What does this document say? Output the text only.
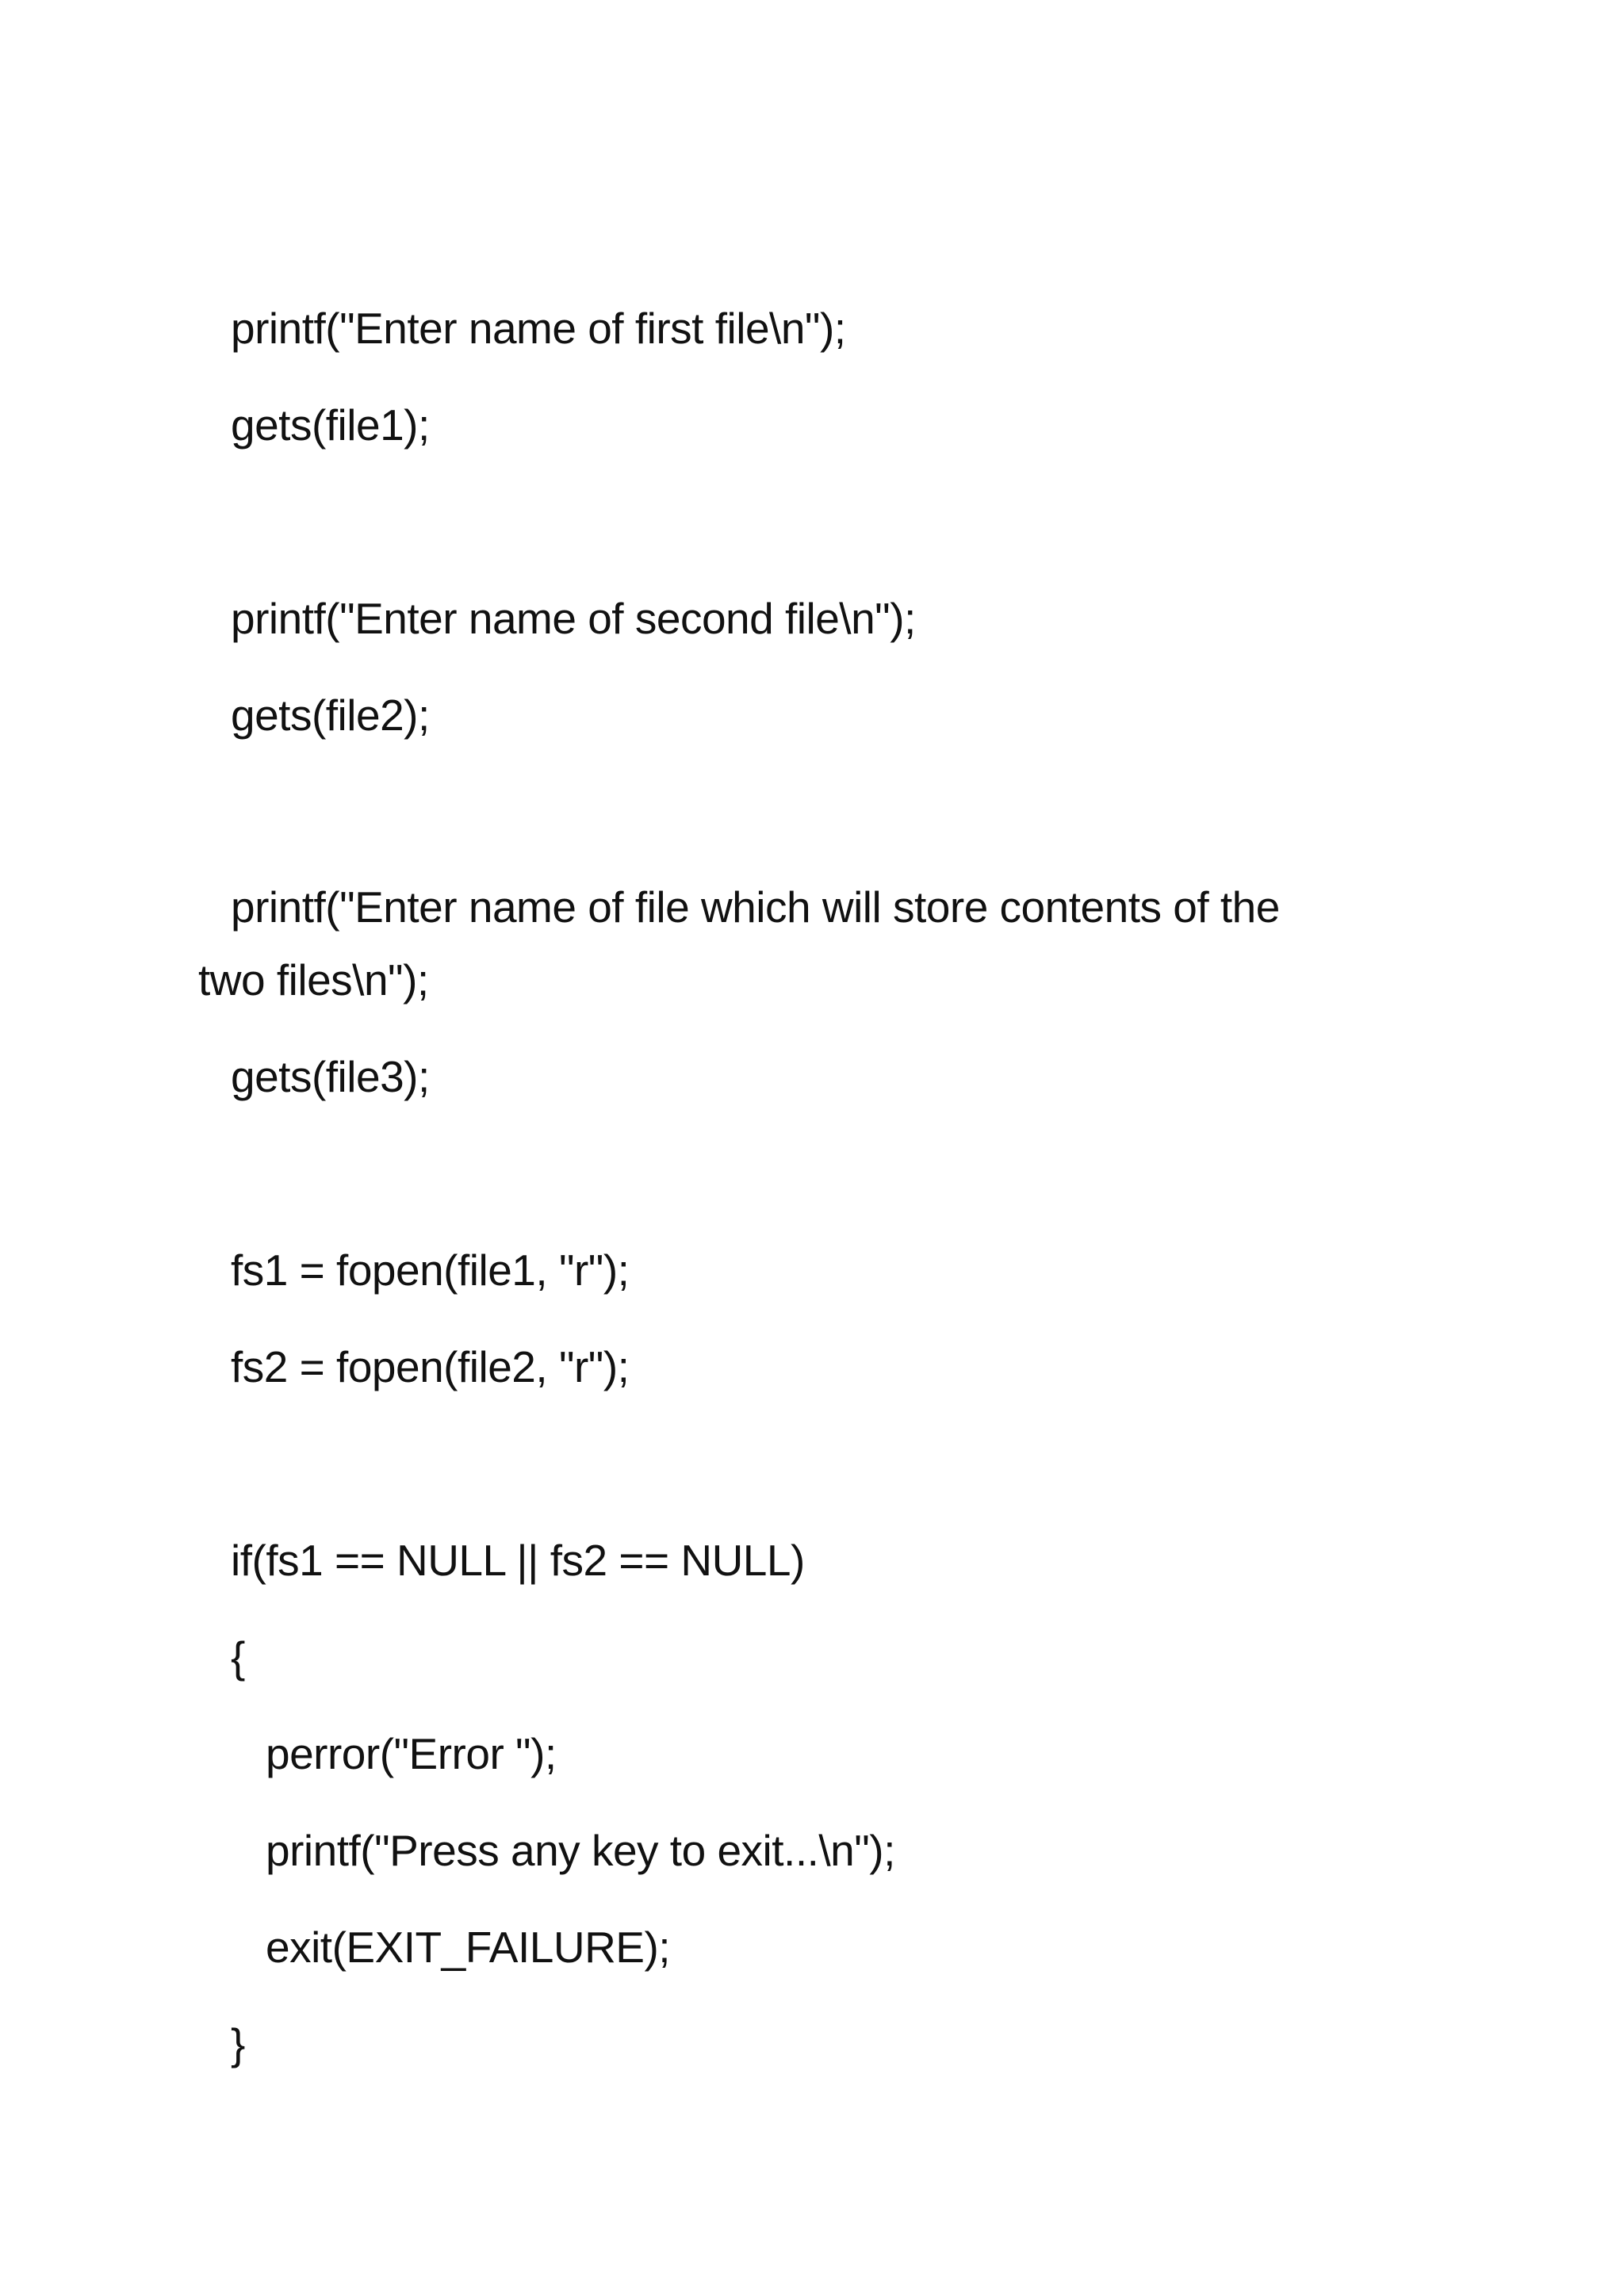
printf("Enter name of first file\n");
gets(file1);
printf("Enter name of second file\n");
gets(file2);
printf("Enter name of file which will store contents of the
two files\n");
gets(file3);
fs1 = fopen(file1, "r");
fs2 = fopen(file2, "r");
if(fs1 == NULL || fs2 == NULL)
{
perror("Error ");
printf("Press any key to exit...\n");
exit(EXIT_FAILURE);
}
